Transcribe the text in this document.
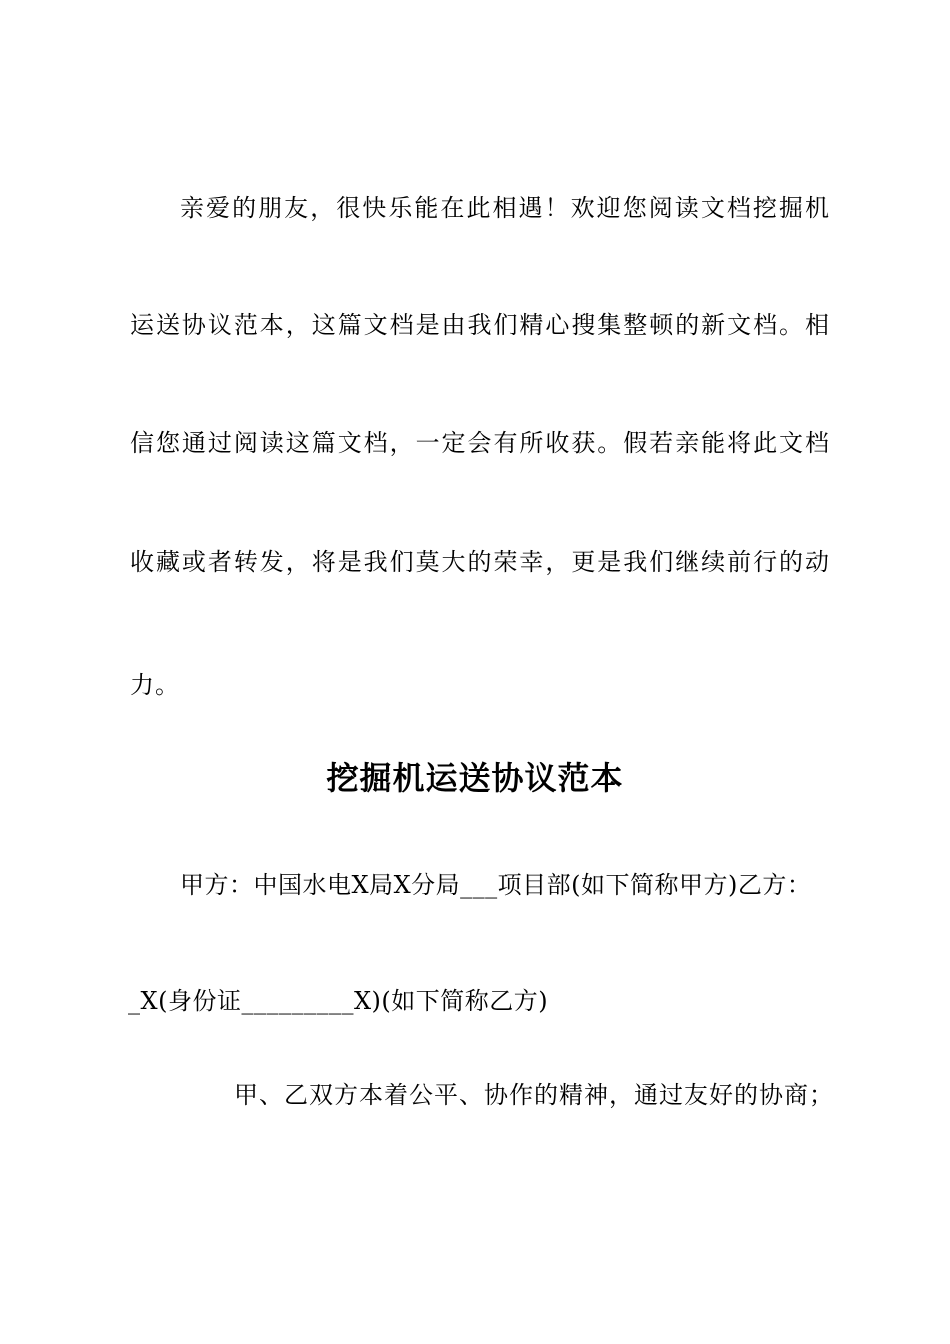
亲爱的朋友，很快乐能在此相遇！欢迎您阅读文档挖掘机
运送协议范本，这篇文档是由我们精心搜集整顿的新文档。相
信您通过阅读这篇文档，一定会有所收获。假若亲能将此文档
收藏或者转发，将是我们莫大的荣幸，更是我们继续前行的动
力。
挖掘机运送协议范本
甲方：中国水电X局X分局___项目部(如下简称甲方)乙方：
_X(身份证_________X)(如下简称乙方)
甲、乙双方本着公平、协作的精神，通过友好的协商；
